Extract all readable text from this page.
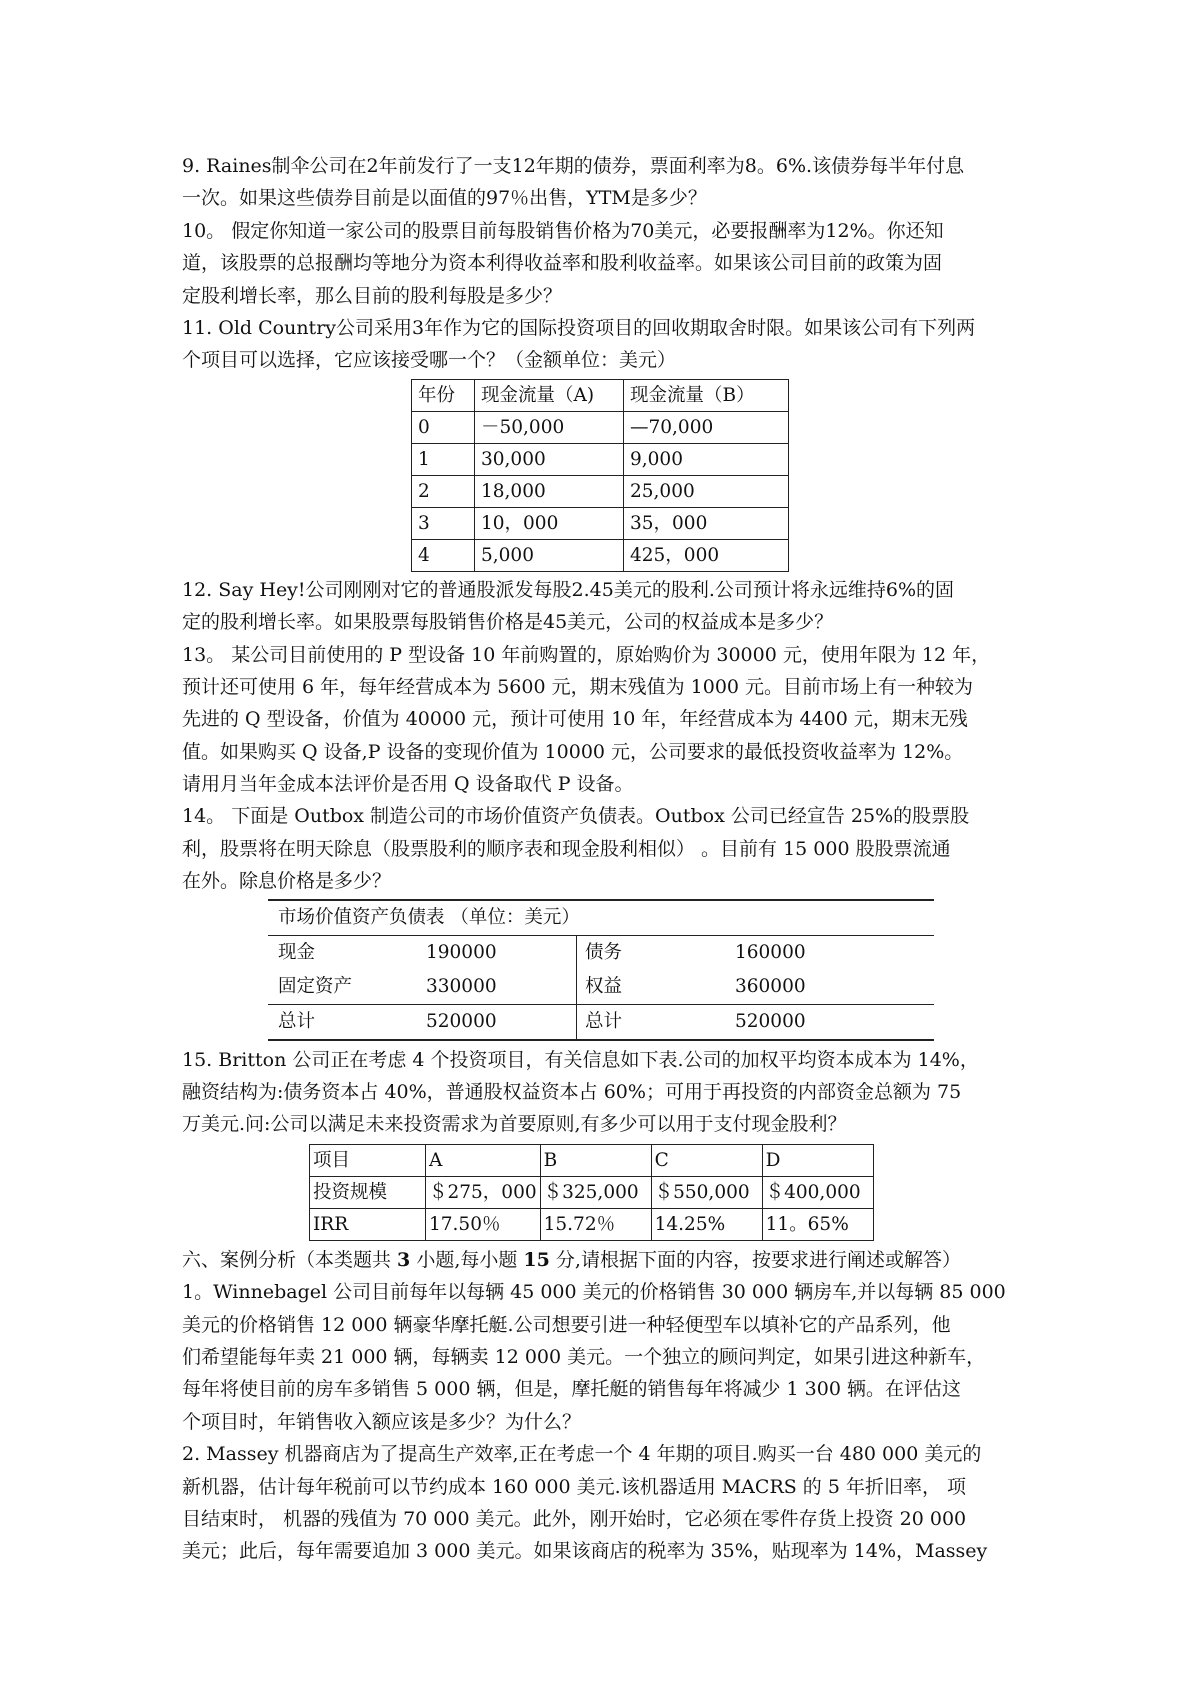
9. Raines制伞公司在2年前发行了一支12年期的债券，票面利率为8。6%.该债券每半年付息
一次。如果这些债券目前是以面值的97％出售，YTM是多少？
10。 假定你知道一家公司的股票目前每股销售价格为70美元，必要报酬率为12%。你还知
道，该股票的总报酬均等地分为资本利得收益率和股利收益率。如果该公司目前的政策为固
定股利增长率，那么目前的股利每股是多少？
11. Old Country公司采用3年作为它的国际投资项目的回收期取舍时限。如果该公司有下列两
个项目可以选择，它应该接受哪一个？（金额单位：美元）
年份	现金流量（A)	现金流量（B）
0	－50,000	—70,000
1	30,000	9,000
2	18,000	25,000
3	10，000	35，000
4	5,000	425，000
12. Say Hey!公司刚刚对它的普通股派发每股2.45美元的股利.公司预计将永远维持6%的固
定的股利增长率。如果股票每股销售价格是45美元，公司的权益成本是多少？
13。 某公司目前使用的 P 型设备 10 年前购置的，原始购价为 30000 元，使用年限为 12 年，
预计还可使用 6 年，每年经营成本为 5600 元，期末残值为 1000 元。目前市场上有一种较为
先进的 Q 型设备，价值为 40000 元，预计可使用 10 年，年经营成本为 4400 元，期末无残
值。如果购买 Q 设备,P 设备的变现价值为 10000 元，公司要求的最低投资收益率为 12%。
请用月当年金成本法评价是否用 Q 设备取代 P 设备。
14。 下面是 Outbox 制造公司的市场价值资产负债表。Outbox 公司已经宣告 25%的股票股
利，股票将在明天除息（股票股利的顺序表和现金股利相似） 。目前有 15 000 股股票流通
在外。除息价格是多少？
市场价值资产负债表 （单位：美元）
现金	190000	债务	160000
固定资产	330000	权益	360000
总计	520000	总计	520000
15. Britton 公司正在考虑 4 个投资项目，有关信息如下表.公司的加权平均资本成本为 14%，
融资结构为:债务资本占 40%，普通股权益资本占 60%；可用于再投资的内部资金总额为 75
万美元.问:公司以满足未来投资需求为首要原则,有多少可以用于支付现金股利？
项目	A	B	C	D
投资规模	＄275，000	＄325,000	＄550,000	＄400,000
IRR	17.50％	15.72％	14.25%	11。65%
六、案例分析（本类题共 3 小题,每小题 15 分,请根据下面的内容，按要求进行阐述或解答）
1。Winnebagel 公司目前每年以每辆 45 000 美元的价格销售 30 000 辆房车,并以每辆 85 000
美元的价格销售 12 000 辆豪华摩托艇.公司想要引进一种轻便型车以填补它的产品系列，他
们希望能每年卖 21 000 辆，每辆卖 12 000 美元。一个独立的顾问判定，如果引进这种新车，
每年将使目前的房车多销售 5 000 辆，但是，摩托艇的销售每年将减少 1 300 辆。在评估这
个项目时，年销售收入额应该是多少？为什么？
2. Massey 机器商店为了提高生产效率,正在考虑一个 4 年期的项目.购买一台 480 000 美元的
新机器，估计每年税前可以节约成本 160 000 美元.该机器适用 MACRS 的 5 年折旧率， 项
目结束时， 机器的残值为 70 000 美元。此外，刚开始时，它必须在零件存货上投资 20 000
美元；此后，每年需要追加 3 000 美元。如果该商店的税率为 35%，贴现率为 14%，Massey
